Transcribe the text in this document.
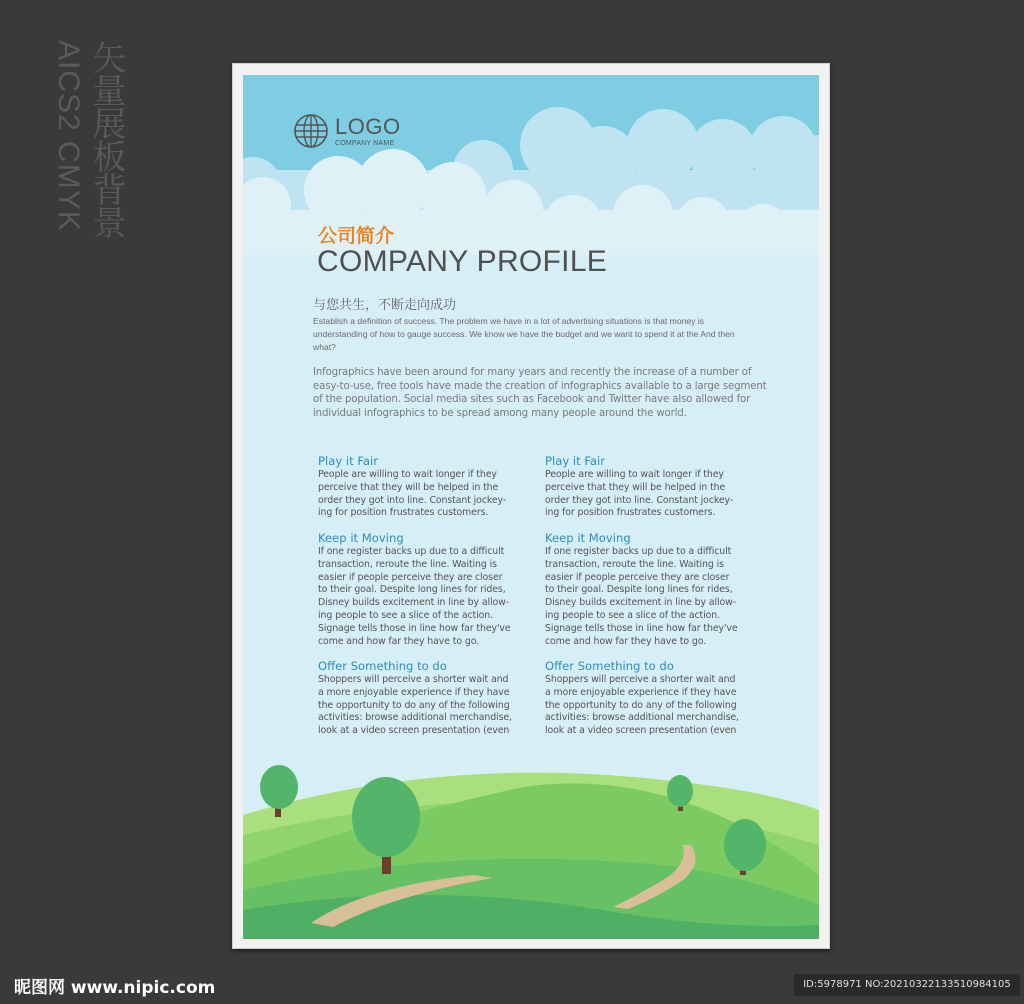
AICS2 CMYK 矢量展板背景	LOGO
COMPANY NAME
公司简介
COMPANY PROFILE
与您共生，不断走向成功
Establish a definition of success. The problem we have in a lot of advertising situations is that money is understanding of how to gauge success. We know we have the budget and we want to spend it at the And then what?
Infographics have been around for many years and recently the increase of a number of easy-to-use, free tools have made the creation of infographics available to a large segment of the population. Social media sites such as Facebook and Twitter have also allowed for individual infographics to be spread among many people around the world.
Play it Fair
People are willing to wait longer if they
perceive that they will be helped in the
order they got into line. Constant jockey-
ing for position frustrates customers.
Keep it Moving
If one register backs up due to a difficult
transaction, reroute the line. Waiting is
easier if people perceive they are closer
to their goal. Despite long lines for rides,
Disney builds excitement in line by allow-
ing people to see a slice of the action.
Signage tells those in line how far they've
come and how far they have to go.
Offer Something to do
Shoppers will perceive a shorter wait and
a more enjoyable experience if they have
the opportunity to do any of the following
activities: browse additional merchandise,
look at a video screen presentation (even
Play it Fair
People are willing to wait longer if they
perceive that they will be helped in the
order they got into line. Constant jockey-
ing for position frustrates customers.
Keep it Moving
If one register backs up due to a difficult
transaction, reroute the line. Waiting is
easier if people perceive they are closer
to their goal. Despite long lines for rides,
Disney builds excitement in line by allow-
ing people to see a slice of the action.
Signage tells those in line how far they've
come and how far they have to go.
Offer Something to do
Shoppers will perceive a shorter wait and
a more enjoyable experience if they have
the opportunity to do any of the following
activities: browse additional merchandise,
look at a video screen presentation (even
昵图网 www.nipic.com	ID:5978971 NO:20210322133510984105
